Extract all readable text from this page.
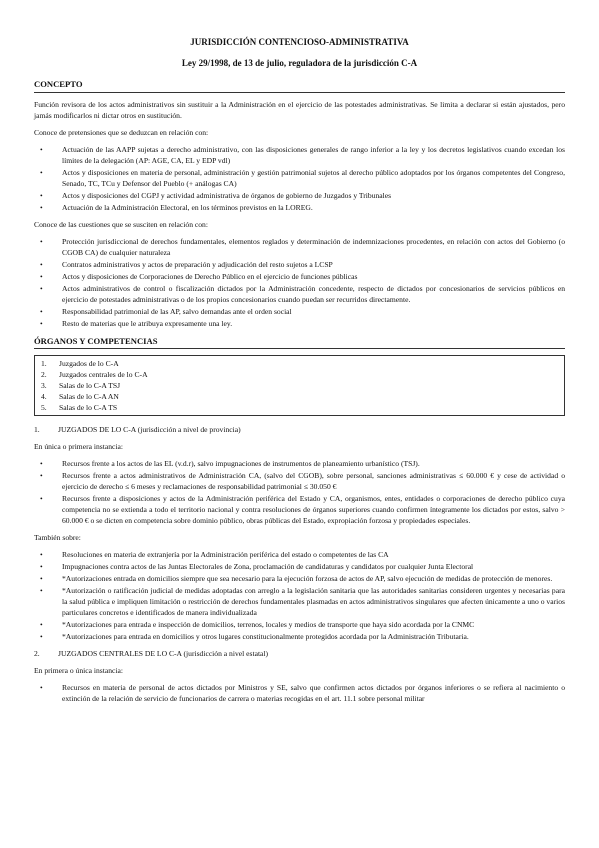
JURISDICCIÓN CONTENCIOSO-ADMINISTRATIVA
Ley 29/1998, de 13 de julio, reguladora de la jurisdicción C-A
CONCEPTO

Función revisora de los actos administrativos sin sustituir a la Administración en el ejercicio de las potestades administrativas. Se limita a declarar si están ajustados, pero jamás modificarlos ni dictar otros en sustitución.

Conoce de pretensiones que se deduzcan en relación con:

• Actuación de las AAPP sujetas a derecho administrativo, con las disposiciones generales de rango inferior a la ley y los decretos legislativos cuando excedan los límites de la delegación (AP: AGE, CA, EL y EDP vdl)
• Actos y disposiciones en materia de personal, administración y gestión patrimonial sujetos al derecho público adoptados por los órganos competentes del Congreso, Senado, TC, TCu y Defensor del Pueblo (+ análogas CA)
• Actos y disposiciones del CGPJ y actividad administrativa de órganos de gobierno de Juzgados y Tribunales
• Actuación de la Administración Electoral, en los términos previstos en la LOREG.

Conoce de las cuestiones que se susciten en relación con:

• Protección jurisdiccional de derechos fundamentales, elementos reglados y determinación de indemnizaciones procedentes, en relación con actos del Gobierno (o CGOB CA) de cualquier naturaleza
• Contratos administrativos y actos de preparación y adjudicación del resto sujetos a LCSP
• Actos y disposiciones de Corporaciones de Derecho Público en el ejercicio de funciones públicas
• Actos administrativos de control o fiscalización dictados por la Administración concedente, respecto de dictados por concesionarios de servicios públicos en ejercicio de potestades administrativas o de los propios concesionarios cuando puedan ser recurridos directamente.
• Responsabilidad patrimonial de las AP, salvo demandas ante el orden social
• Resto de materias que le atribuya expresamente una ley.
ÓRGANOS Y COMPETENCIAS
1. Juzgados de lo C-A
2. Juzgados centrales de lo C-A
3. Salas de lo C-A TSJ
4. Salas de lo C-A AN
5. Salas de lo C-A TS
1. JUZGADOS DE LO C-A (jurisdicción a nivel de provincia)

En única o primera instancia:

• Recursos frente a los actos de las EL (v.d.r), salvo impugnaciones de instrumentos de planeamiento urbanístico (TSJ).
• Recursos frente a actos administrativos de Administración CA, (salvo del CGOB), sobre personal, sanciones administrativas ≤ 60.000 € y cese de actividad o ejercicio de derecho ≤ 6 meses y reclamaciones de responsabilidad patrimonial ≤ 30.050 €
• Recursos frente a disposiciones y actos de la Administración periférica del Estado y CA, organismos, entes, entidades o corporaciones de derecho público cuya competencia no se extienda a todo el territorio nacional y contra resoluciones de órganos superiores cuando confirmen íntegramente los dictados por estos, salvo > 60.000 € o se dicten en competencia sobre dominio público, obras públicas del Estado, expropiación forzosa y propiedades especiales.

También sobre:

• Resoluciones en materia de extranjería por la Administración periférica del estado o competentes de las CA
• Impugnaciones contra actos de las Juntas Electorales de Zona, proclamación de candidaturas y candidatos por cualquier Junta Electoral
• *Autorizaciones entrada en domicilios siempre que sea necesario para la ejecución forzosa de actos de AP, salvo ejecución de medidas de protección de menores.
• *Autorización o ratificación judicial de medidas adoptadas con arreglo a la legislación sanitaria que las autoridades sanitarias consideren urgentes y necesarias para la salud pública e impliquen limitación o restricción de derechos fundamentales plasmadas en actos administrativos singulares que afecten únicamente a uno o varios particulares concretos e identificados de manera individualizada
• *Autorizaciones para entrada e inspección de domicilios, terrenos, locales y medios de transporte que haya sido acordada por la CNMC
• *Autorizaciones para entrada en domicilios y otros lugares constitucionalmente protegidos acordada por la Administración Tributaria.
2. JUZGADOS CENTRALES DE LO C-A (jurisdicción a nivel estatal)

En primera o única instancia:

• Recursos en materia de personal de actos dictados por Ministros y SE, salvo que confirmen actos dictados por órganos inferiores o se refiera al nacimiento o extinción de la relación de servicio de funcionarios de carrera o materias recogidas en el art. 11.1 sobre personal militar
